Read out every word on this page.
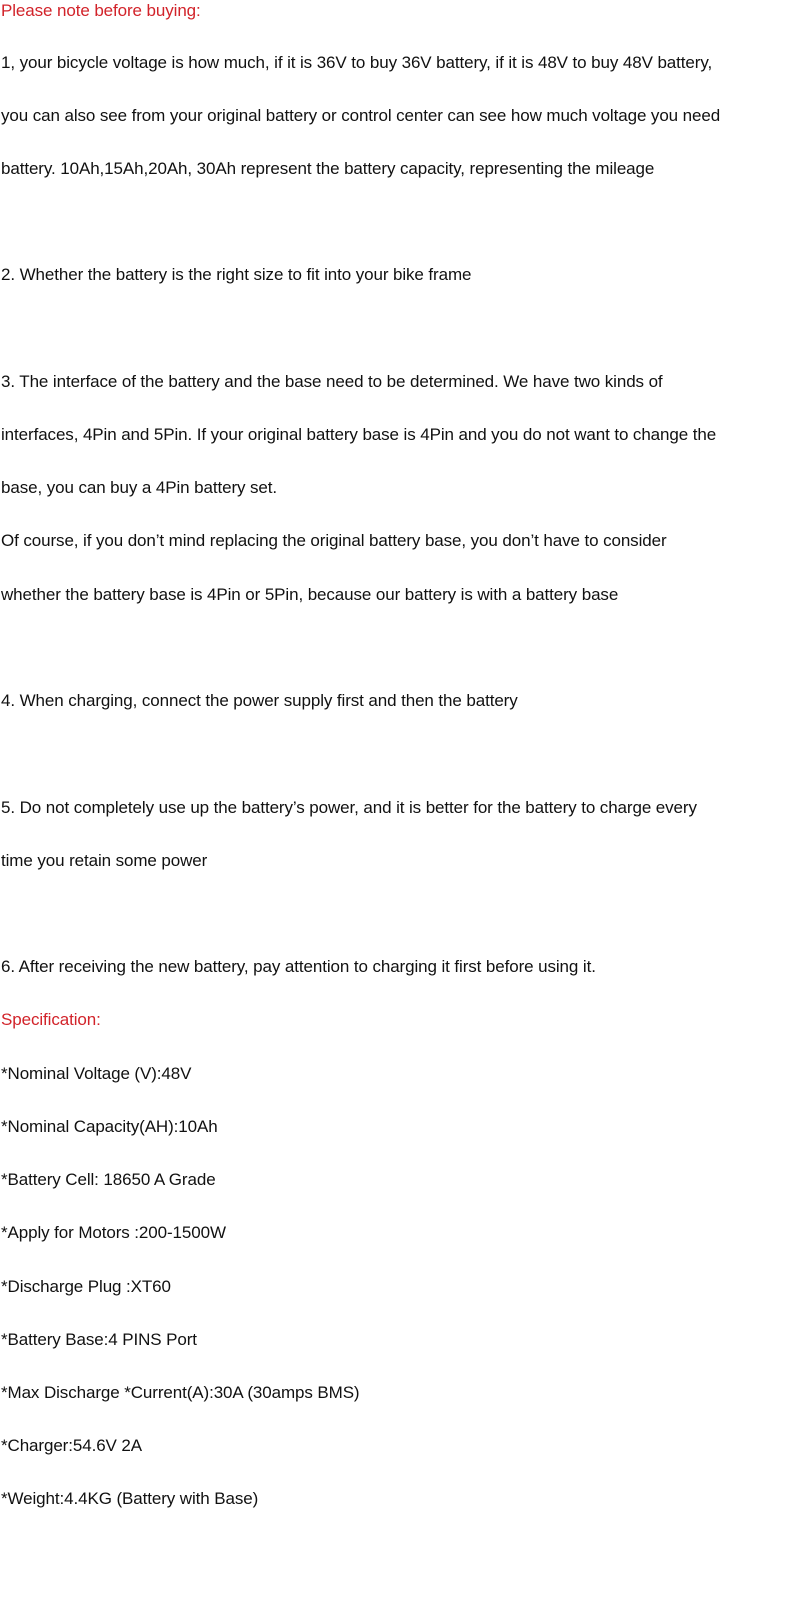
Please note before buying:
1, your bicycle voltage is how much, if it is 36V to buy 36V battery, if it is 48V to buy 48V battery,
you can also see from your original battery or control center can see how much voltage you need
battery. 10Ah,15Ah,20Ah, 30Ah represent the battery capacity, representing the mileage
2. Whether the battery is the right size to fit into your bike frame
3. The interface of the battery and the base need to be determined. We have two kinds of
interfaces, 4Pin and 5Pin. If your original battery base is 4Pin and you do not want to change the
base, you can buy a 4Pin battery set.
Of course, if you don’t mind replacing the original battery base, you don’t have to consider
whether the battery base is 4Pin or 5Pin, because our battery is with a battery base
4. When charging, connect the power supply first and then the battery
5. Do not completely use up the battery’s power, and it is better for the battery to charge every
time you retain some power
6. After receiving the new battery, pay attention to charging it first before using it.
Specification:
*Nominal Voltage (V):48V
*Nominal Capacity(AH):10Ah
*Battery Cell: 18650 A Grade
*Apply for Motors :200-1500W
*Discharge Plug :XT60
*Battery Base:4 PINS Port
*Max Discharge *Current(A):30A (30amps BMS)
*Charger:54.6V 2A
*Weight:4.4KG (Battery with Base)
